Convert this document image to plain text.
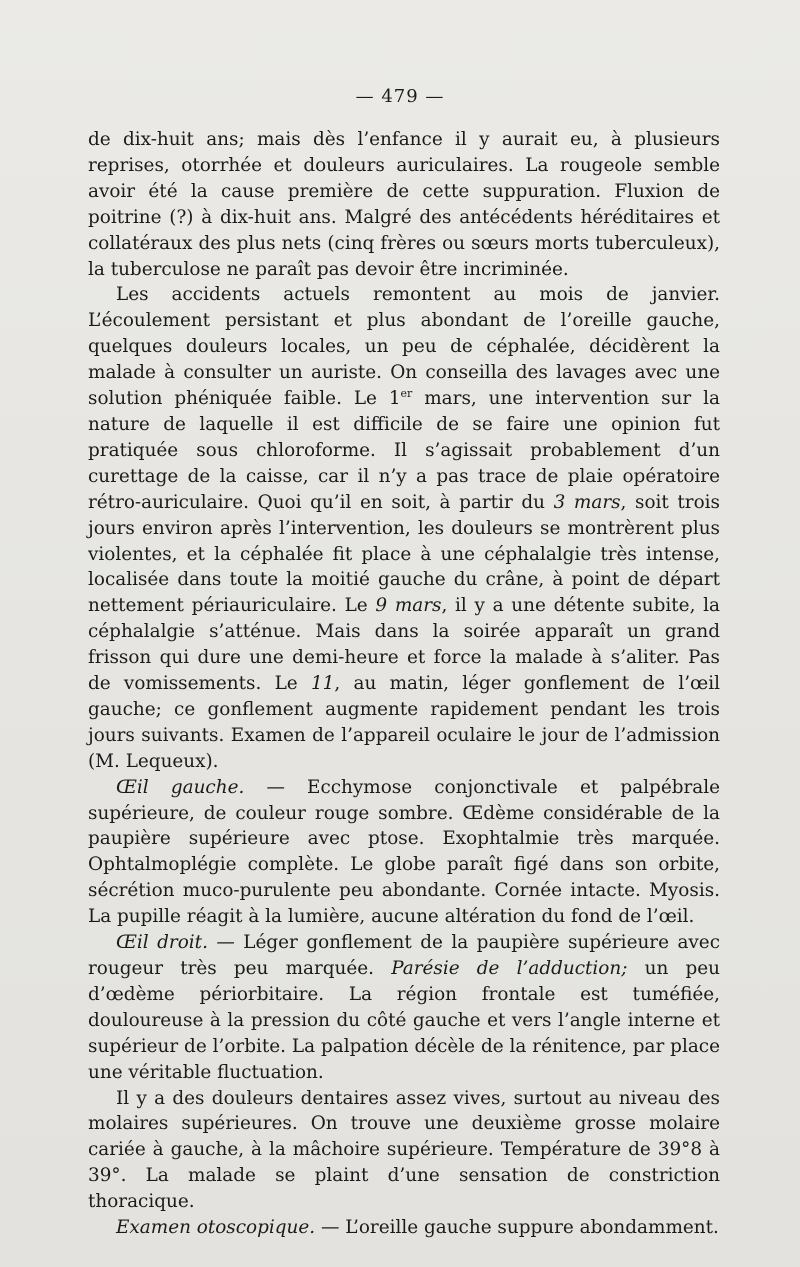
— 479 —

de dix-huit ans; mais dès l’enfance il y aurait eu, à plusieurs reprises, otorrhée et douleurs auriculaires. La rougeole semble avoir été la cause première de cette suppuration. Fluxion de poitrine (?) à dix-huit ans. Malgré des antécédents héréditaires et collatéraux des plus nets (cinq frères ou sœurs morts tuberculeux), la tuberculose ne paraît pas devoir être incriminée.

Les accidents actuels remontent au mois de janvier. L’écoulement persistant et plus abondant de l’oreille gauche, quelques douleurs locales, un peu de céphalée, décidèrent la malade à consulter un auriste. On conseilla des lavages avec une solution phéniquée faible. Le 1er mars, une intervention sur la nature de laquelle il est difficile de se faire une opinion fut pratiquée sous chloroforme. Il s’agissait probablement d’un curettage de la caisse, car il n’y a pas trace de plaie opératoire rétro-auriculaire. Quoi qu’il en soit, à partir du 3 mars, soit trois jours environ après l’intervention, les douleurs se montrèrent plus violentes, et la céphalée fit place à une céphalalgie très intense, localisée dans toute la moitié gauche du crâne, à point de départ nettement périauriculaire. Le 9 mars, il y a une détente subite, la céphalalgie s’atténue. Mais dans la soirée apparaît un grand frisson qui dure une demi-heure et force la malade à s’aliter. Pas de vomissements. Le 11, au matin, léger gonflement de l’œil gauche; ce gonflement augmente rapidement pendant les trois jours suivants. Examen de l’appareil oculaire le jour de l’admission (M. Lequeux).

Œil gauche. — Ecchymose conjonctivale et palpébrale supérieure, de couleur rouge sombre. Œdème considérable de la paupière supérieure avec ptose. Exophtalmie très marquée. Ophtalmoplégie complète. Le globe paraît figé dans son orbite, sécrétion muco-purulente peu abondante. Cornée intacte. Myosis. La pupille réagit à la lumière, aucune altération du fond de l’œil.

Œil droit. — Léger gonflement de la paupière supérieure avec rougeur très peu marquée. Parésie de l’adduction; un peu d’œdème périorbitaire. La région frontale est tuméfiée, douloureuse à la pression du côté gauche et vers l’angle interne et supérieur de l’orbite. La palpation décèle de la rénitence, par place une véritable fluctuation.

Il y a des douleurs dentaires assez vives, surtout au niveau des molaires supérieures. On trouve une deuxième grosse molaire cariée à gauche, à la mâchoire supérieure. Température de 39°8 à 39°. La malade se plaint d’une sensation de constriction thoracique.

Examen otoscopique. — L’oreille gauche suppure abondamment.
